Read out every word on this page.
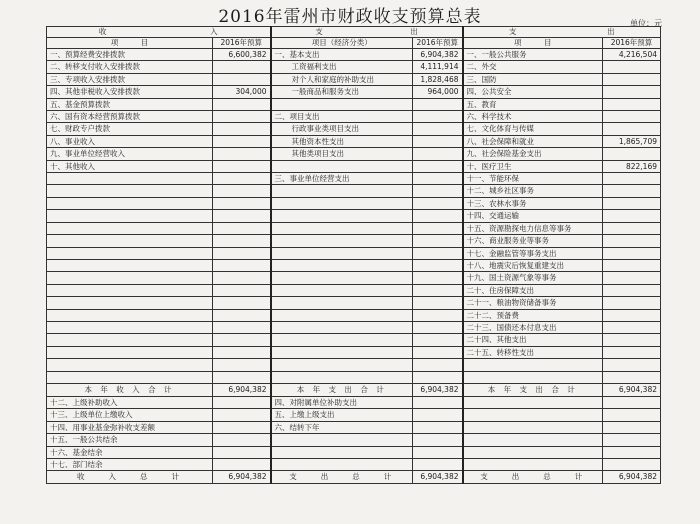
2016年雷州市财政收支预算总表	单位：元
收 入		支 出		支 出	
项　　　目	2016年预算	项目（经济分类）	2016年预算	项　　　目	2016年预算
一、预算经费安排拨款	6,600,382	一、基本支出	6,904,382	一、一般公共服务	4,216,504
二、转移支付收入安排拨款		工资福利支出	4,111,914	二、外交	
三、专项收入安排拨款		对个人和家庭的补助支出	1,828,468	三、国防	
四、其他非税收入安排拨款	304,000	一般商品和服务支出	964,000	四、公共安全	
五、基金预算拨款				五、教育	
六、国有资本经营预算拨款		二、项目支出		六、科学技术	
七、财政专户拨款		行政事业类项目支出		七、文化体育与传媒	
八、事业收入		其他资本性支出		八、社会保障和就业	1,865,709
九、事业单位经营收入		其他类项目支出		九、社会保险基金支出	
十、其他收入				十、医疗卫生	822,169
		三、事业单位经营支出		十一、节能环保	
				十二、城乡社区事务	
				十三、农林水事务	
				十四、交通运输	
				十五、资源勘探电力信息等事务	
				十六、商业服务业等事务	
				十七、金融监管等事务支出	
				十八、地震灾后恢复重建支出	
				十九、国土资源气象等事务	
				二十、住房保障支出	
				二十一、粮油物资储备事务	
				二十二、预备费	
				二十三、国债还本付息支出	
				二十四、其他支出	
				二十五、转移性支出	

本 年 收 入 合 计	6,904,382	本 年 支 出 合 计	6,904,382	本 年 支 出 合 计	6,904,382
十二、上级补助收入		四、对附属单位补助支出			
十三、上级单位上缴收入		五、上缴上级支出			
十四、用事业基金弥补收支差额		六、结转下年			
十五、一般公共结余					
十六、基金结余					
十七、部门结余					
收　　入　　总　　计	6,904,382	支　　出　　总　　计	6,904,382	支　　出　　总　　计	6,904,382
